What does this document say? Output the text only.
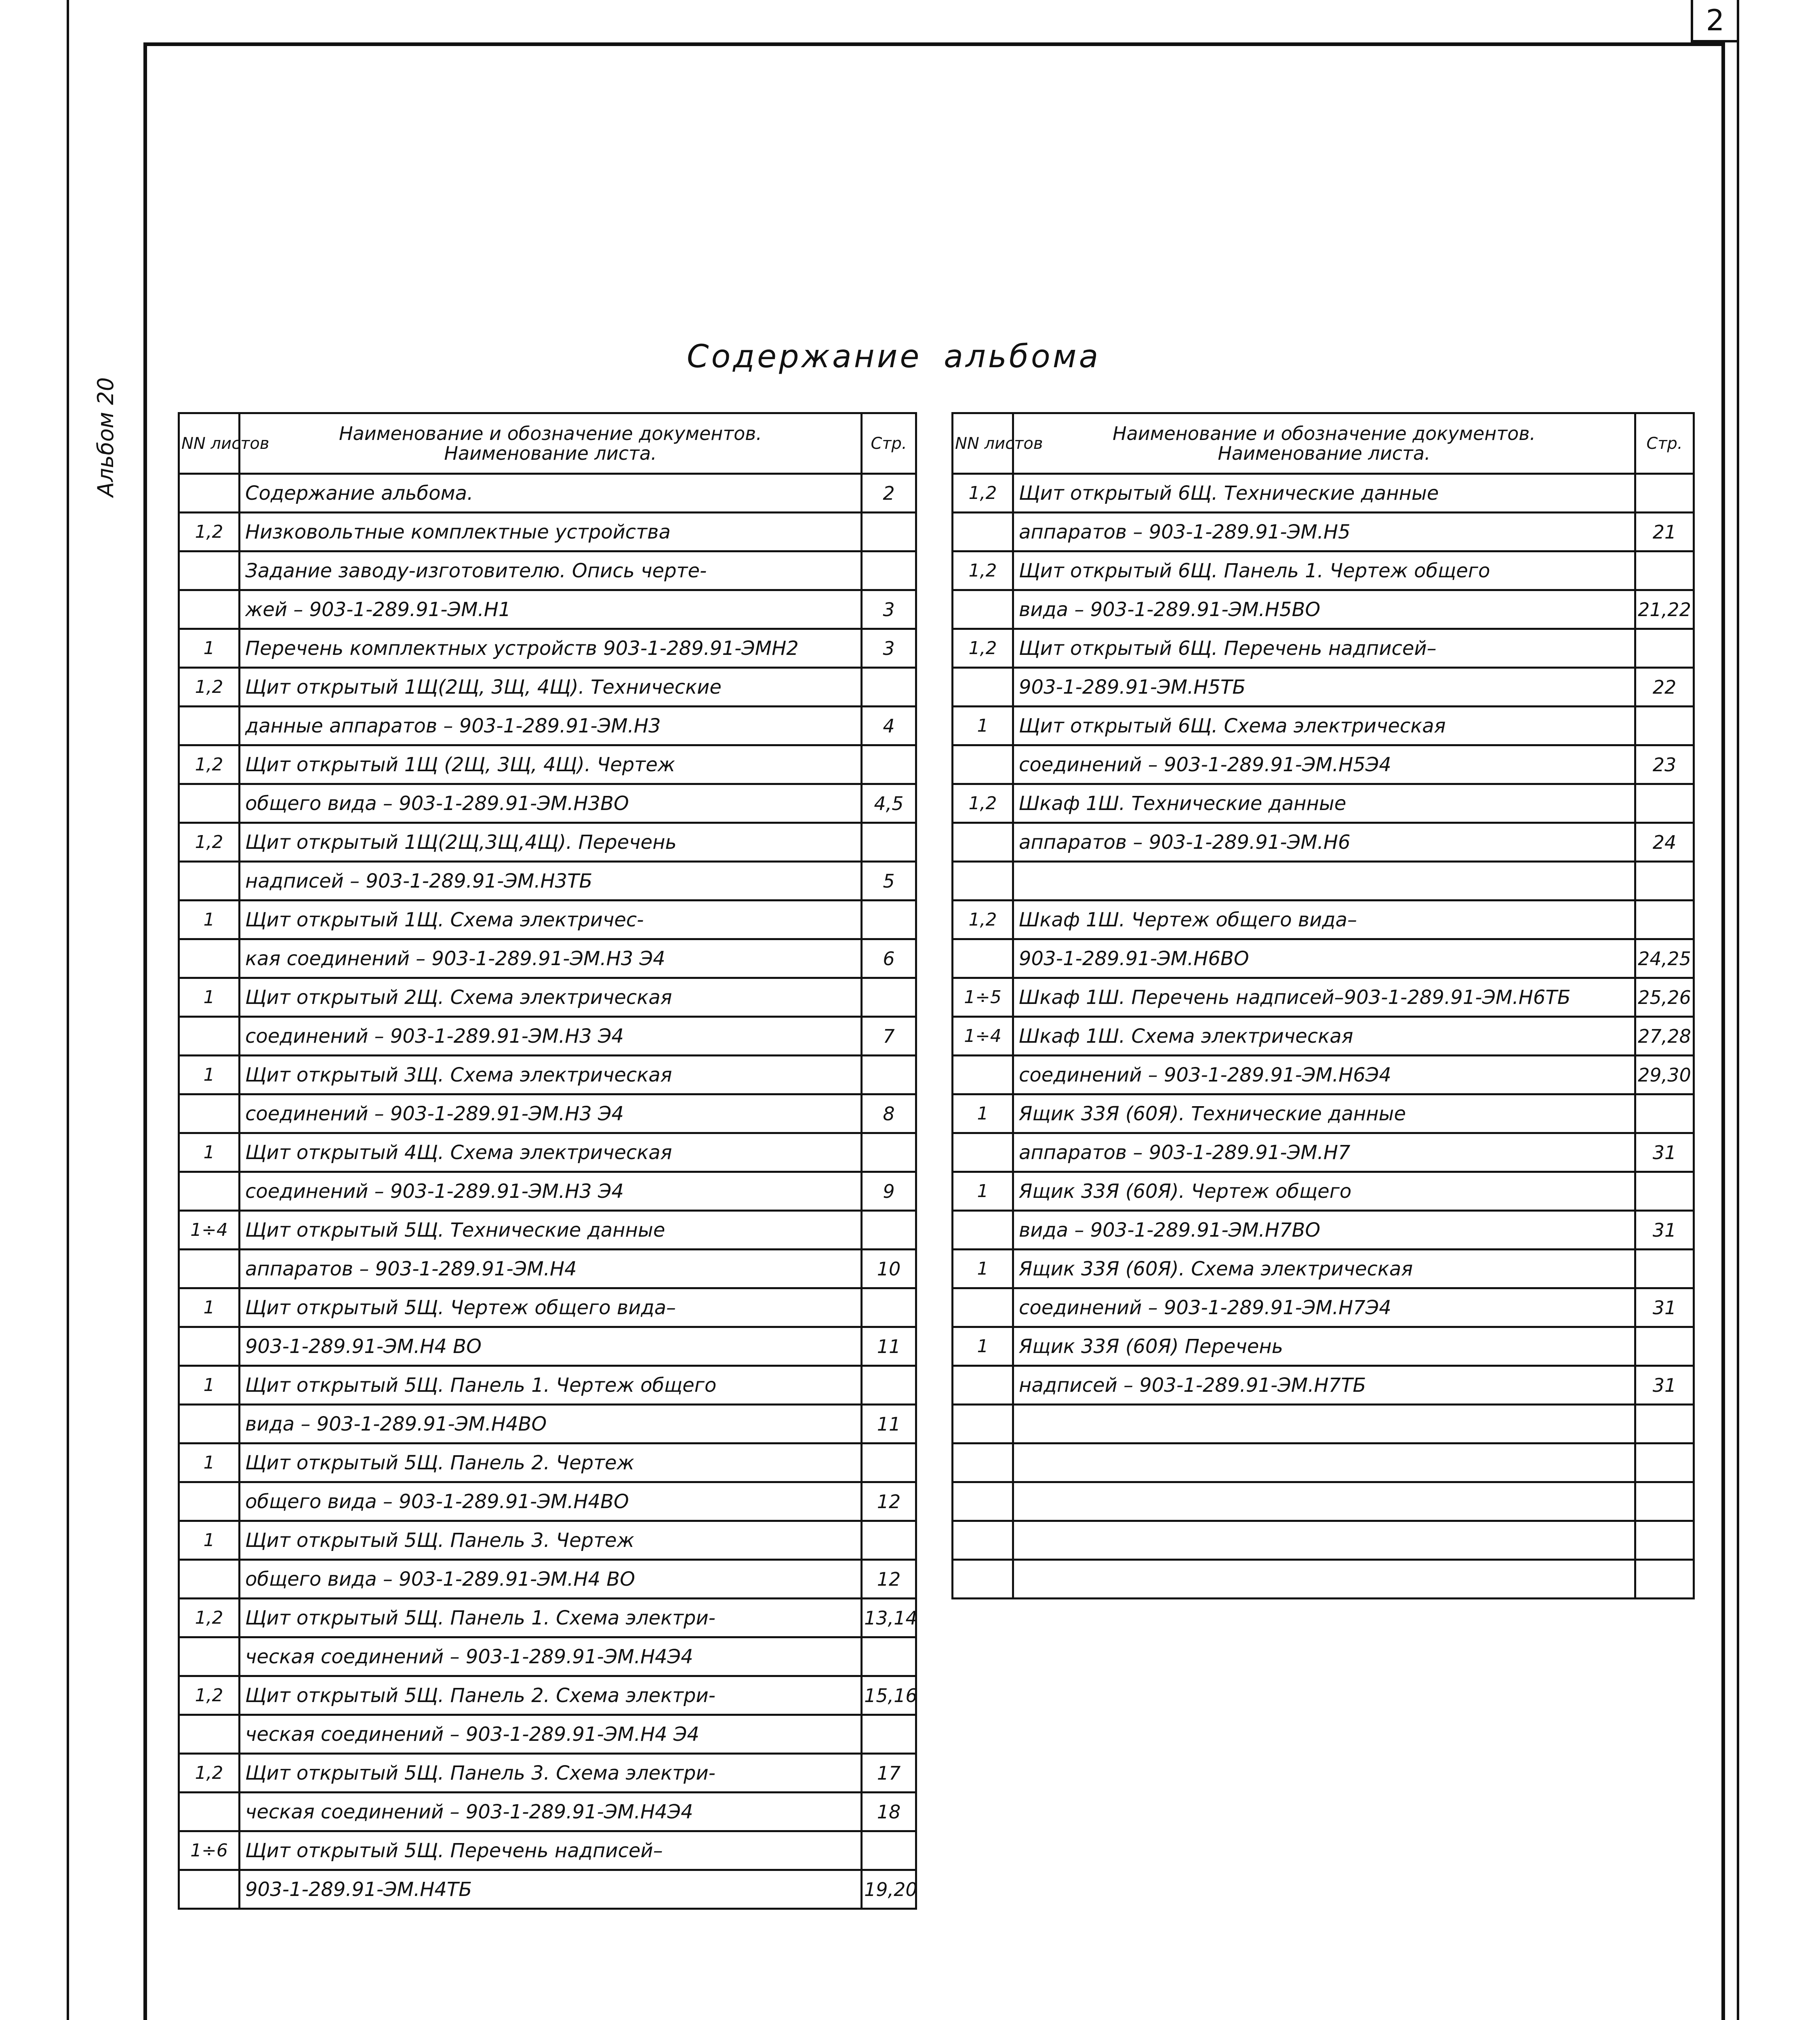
2
Альбом 20
Содержание альбома
NN листов	Наименование и обозначение документов.
Наименование листа.	Стр.
	Содержание альбома.	2
1,2	Низковольтные комплектные устройства	
	Задание заводу-изготовителю. Опись черте-	
	жей – 903-1-289.91-ЭМ.Н1	3
1	Перечень комплектных устройств 903-1-289.91-ЭМН2	3
1,2	Щит открытый 1Щ(2Щ, 3Щ, 4Щ). Технические	
	данные аппаратов – 903-1-289.91-ЭМ.Н3	4
1,2	Щит открытый 1Щ (2Щ, 3Щ, 4Щ). Чертеж	
	общего вида – 903-1-289.91-ЭМ.Н3ВО	4,5
1,2	Щит открытый 1Щ(2Щ,3Щ,4Щ). Перечень	
	надписей – 903-1-289.91-ЭМ.Н3ТБ	5
1	Щит открытый 1Щ. Схема электричес-	
	кая соединений – 903-1-289.91-ЭМ.Н3 Э4	6
1	Щит открытый 2Щ. Схема электрическая	
	соединений – 903-1-289.91-ЭМ.Н3 Э4	7
1	Щит открытый 3Щ. Схема электрическая	
	соединений – 903-1-289.91-ЭМ.Н3 Э4	8
1	Щит открытый 4Щ. Схема электрическая	
	соединений – 903-1-289.91-ЭМ.Н3 Э4	9
1÷4	Щит открытый 5Щ. Технические данные	
	аппаратов – 903-1-289.91-ЭМ.Н4	10
1	Щит открытый 5Щ. Чертеж общего вида–	
	903-1-289.91-ЭМ.Н4 ВО	11
1	Щит открытый 5Щ. Панель 1. Чертеж общего	
	вида – 903-1-289.91-ЭМ.Н4ВО	11
1	Щит открытый 5Щ. Панель 2. Чертеж	
	общего вида – 903-1-289.91-ЭМ.Н4ВО	12
1	Щит открытый 5Щ. Панель 3. Чертеж	
	общего вида – 903-1-289.91-ЭМ.Н4 ВО	12
1,2	Щит открытый 5Щ. Панель 1. Схема электри-	13,14
	ческая соединений – 903-1-289.91-ЭМ.Н4Э4	
1,2	Щит открытый 5Щ. Панель 2. Схема электри-	15,16
	ческая соединений – 903-1-289.91-ЭМ.Н4 Э4	
1,2	Щит открытый 5Щ. Панель 3. Схема электри-	17
	ческая соединений – 903-1-289.91-ЭМ.Н4Э4	18
1÷6	Щит открытый 5Щ. Перечень надписей–	
	903-1-289.91-ЭМ.Н4ТБ	19,20
NN листов	Наименование и обозначение документов.
Наименование листа.	Стр.
1,2	Щит открытый 6Щ. Технические данные	
	аппаратов – 903-1-289.91-ЭМ.Н5	21
1,2	Щит открытый 6Щ. Панель 1. Чертеж общего	
	вида – 903-1-289.91-ЭМ.Н5ВО	21,22
1,2	Щит открытый 6Щ. Перечень надписей–	
	903-1-289.91-ЭМ.Н5ТБ	22
1	Щит открытый 6Щ. Схема электрическая	
	соединений – 903-1-289.91-ЭМ.Н5Э4	23
1,2	Шкаф 1Ш. Технические данные	
	аппаратов – 903-1-289.91-ЭМ.Н6	24

1,2	Шкаф 1Ш. Чертеж общего вида–	
	903-1-289.91-ЭМ.Н6ВО	24,25
1÷5	Шкаф 1Ш. Перечень надписей–903-1-289.91-ЭМ.Н6ТБ	25,26
1÷4	Шкаф 1Ш. Схема электрическая	27,28
	соединений – 903-1-289.91-ЭМ.Н6Э4	29,30
1	Ящик 33Я (60Я). Технические данные	
	аппаратов – 903-1-289.91-ЭМ.Н7	31
1	Ящик 33Я (60Я). Чертеж общего	
	вида – 903-1-289.91-ЭМ.Н7ВО	31
1	Ящик 33Я (60Я). Схема электрическая	
	соединений – 903-1-289.91-ЭМ.Н7Э4	31
1	Ящик 33Я (60Я) Перечень	
	надписей – 903-1-289.91-ЭМ.Н7ТБ	31
